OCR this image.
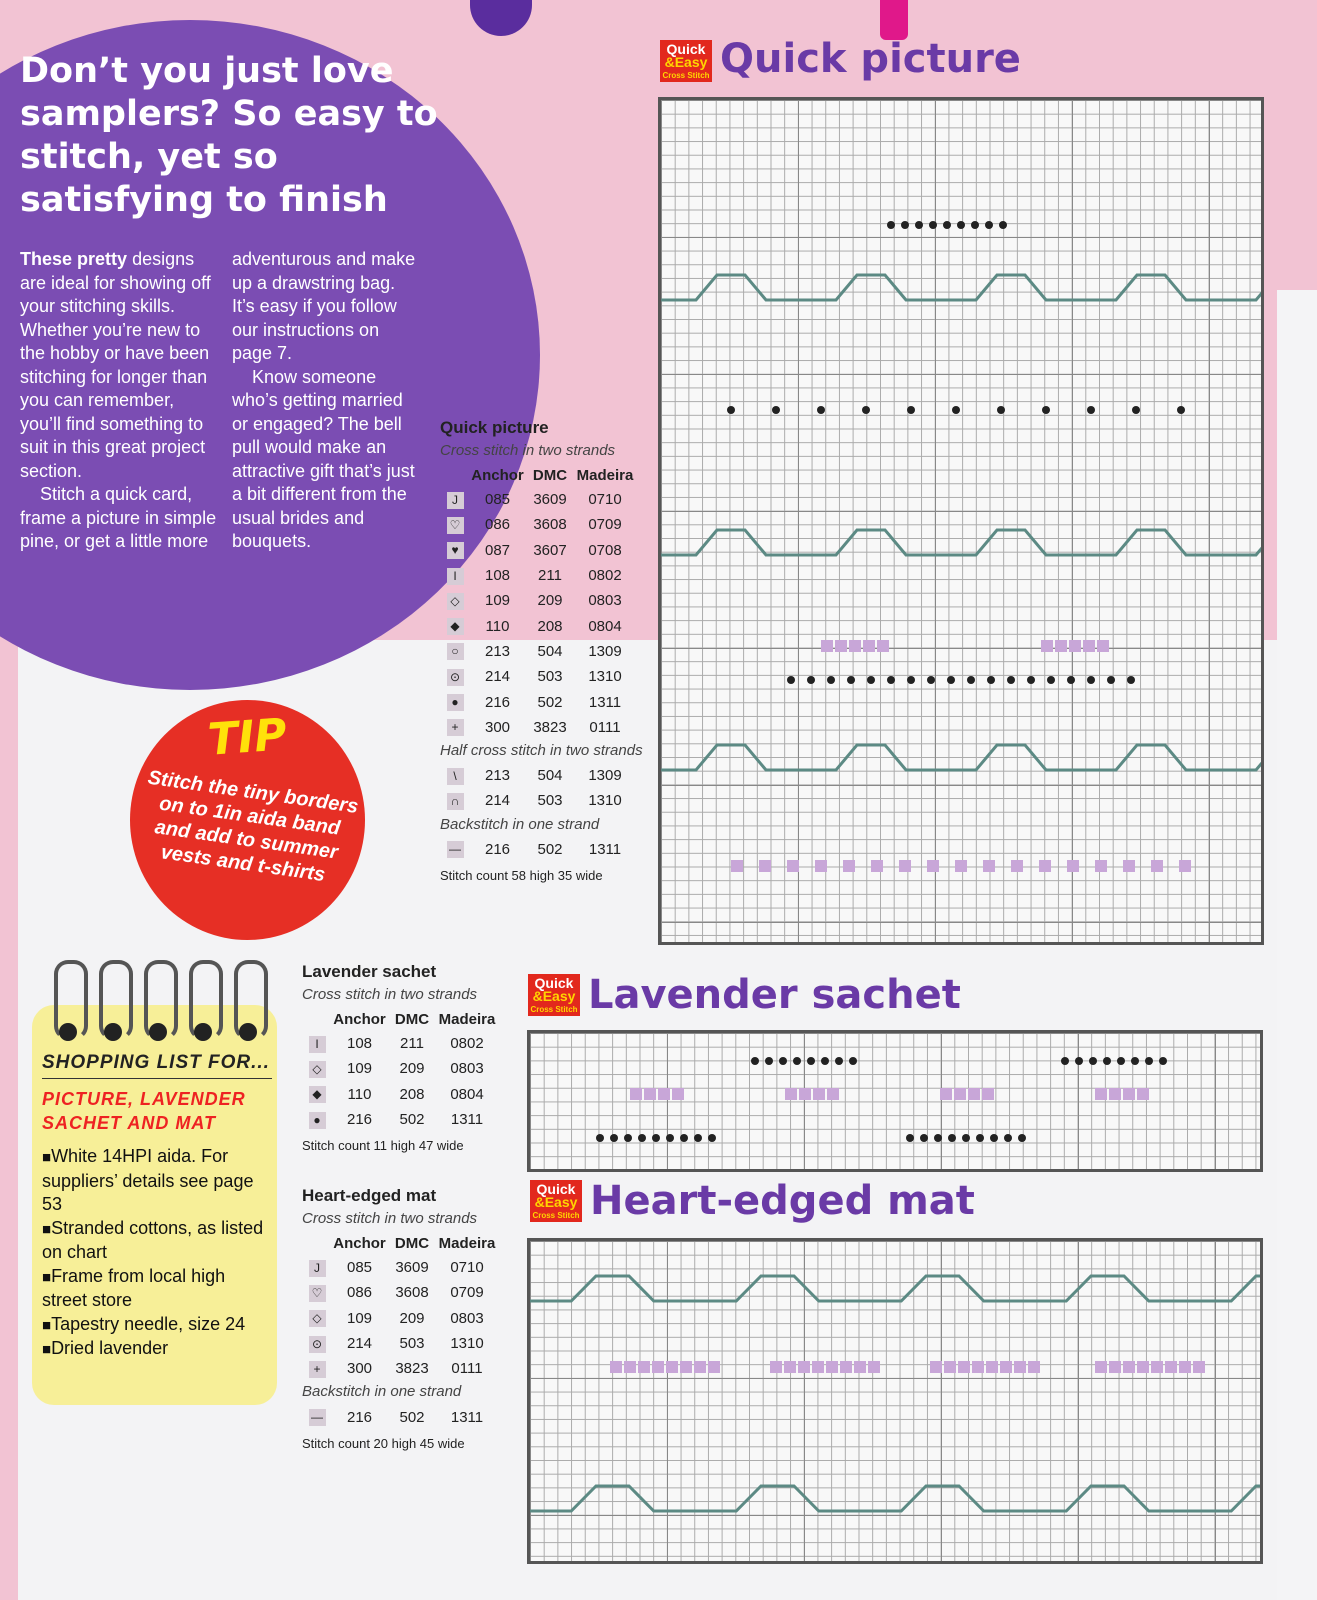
Don’t you just love samplers? So easy to stitch, yet so satisfying to finish
These pretty designs are ideal for showing off your stitching skills. Whether you’re new to the hobby or have been stitching for longer than you can remember, you’ll find something to suit in this great project section.
Stitch a quick card, frame a picture in simple pine, or get a little more
adventurous and make up a drawstring bag. It’s easy if you follow our instructions on page 7.
Know someone who’s getting married or engaged? The bell pull would make an attractive gift that’s just a bit different from the usual brides and bouquets.
TIP
Stitch the tiny borders on to 1in aida band and add to summer vests and t-shirts
SHOPPING LIST FOR...
PICTURE, LAVENDER SACHET AND MAT
■ White 14HPI aida. For suppliers’ details see page 53
■ Stranded cottons, as listed on chart
■ Frame from local high street store
■ Tapestry needle, size 24
■ Dried lavender
Quick picture
Cross stitch in two strands
	Anchor	DMC	Madeira
J	085	3609	0710
♡	086	3608	0709
♥	087	3607	0708
I	108	211	0802
◇	109	209	0803
◆	110	208	0804
○	213	504	1309
⊙	214	503	1310
●	216	502	1311
+	300	3823	0111
Half cross stitch in two strands
\	213	504	1309
∩	214	503	1310
Backstitch in one strand
—	216	502	1311
Stitch count 58 high 35 wide
Lavender sachet
Cross stitch in two strands
	Anchor	DMC	Madeira
I	108	211	0802
◇	109	209	0803
◆	110	208	0804
●	216	502	1311
Stitch count 11 high 47 wide
Heart-edged mat
Cross stitch in two strands
	Anchor	DMC	Madeira
J	085	3609	0710
♡	086	3608	0709
◇	109	209	0803
⊙	214	503	1310
+	300	3823	0111
Backstitch in one strand
—	216	502	1311
Stitch count 20 high 45 wide
Quick
&Easy
Cross Stitch Quick picture
Quick
&Easy
Cross Stitch Lavender sachet
Quick
&Easy
Cross Stitch Heart-edged mat
